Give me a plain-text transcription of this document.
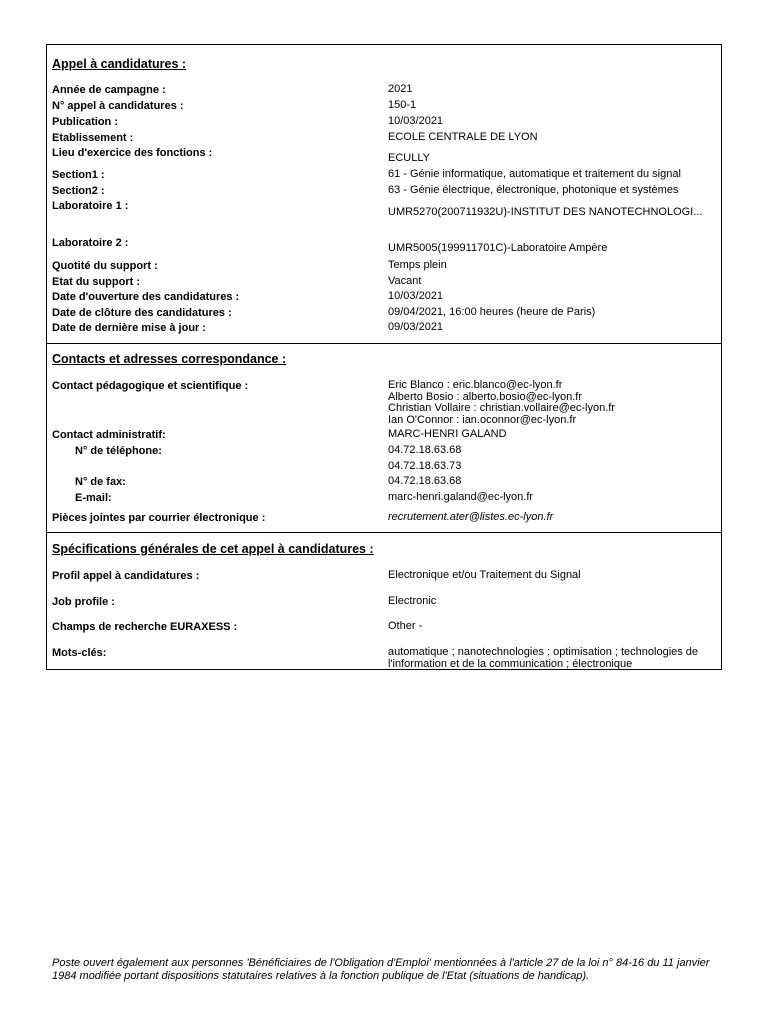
Appel à candidatures :
Année de campagne :	2021
N° appel à candidatures :	150-1
Publication :	10/03/2021
Etablissement :	ECOLE CENTRALE DE LYON
Lieu d'exercice des fonctions :	ECULLY
Section1 :	61 - Génie informatique, automatique et traitement du signal
Section2 :	63 - Génie électrique, électronique, photonique et systèmes
Laboratoire 1 :	UMR5270(200711932U)-INSTITUT DES NANOTECHNOLOGI...
Laboratoire 2 :	UMR5005(199911701C)-Laboratoire Ampère
Quotité du support :	Temps plein
Etat du support :	Vacant
Date d'ouverture des candidatures :	10/03/2021
Date de clôture des candidatures :	09/04/2021, 16:00 heures (heure de Paris)
Date de dernière mise à jour :	09/03/2021
Contacts et adresses correspondance :
Contact pédagogique et scientifique :	Eric Blanco : eric.blanco@ec-lyon.fr
Alberto Bosio : alberto.bosio@ec-lyon.fr
Christian Vollaire : christian.vollaire@ec-lyon.fr
Ian O'Connor : ian.oconnor@ec-lyon.fr
Contact administratif:	MARC-HENRI GALAND
N° de téléphone:	04.72.18.63.68
04.72.18.63.73
N° de fax:	04.72.18.63.68
E-mail:	marc-henri.galand@ec-lyon.fr
Pièces jointes par courrier électronique :	recrutement.ater@listes.ec-lyon.fr
Spécifications générales de cet appel à candidatures :
Profil appel à candidatures :	Electronique et/ou Traitement du Signal
Job profile :	Electronic
Champs de recherche EURAXESS :	Other -
Mots-clés:	automatique ; nanotechnologies ; optimisation ; technologies de l'information et de la communication ; électronique
Poste ouvert également aux personnes 'Bénéficiaires de l'Obligation d'Emploi' mentionnées à l'article 27 de la loi n° 84-16 du 11 janvier 1984 modifiée portant dispositions statutaires relatives à la fonction publique de l'Etat (situations de handicap).
